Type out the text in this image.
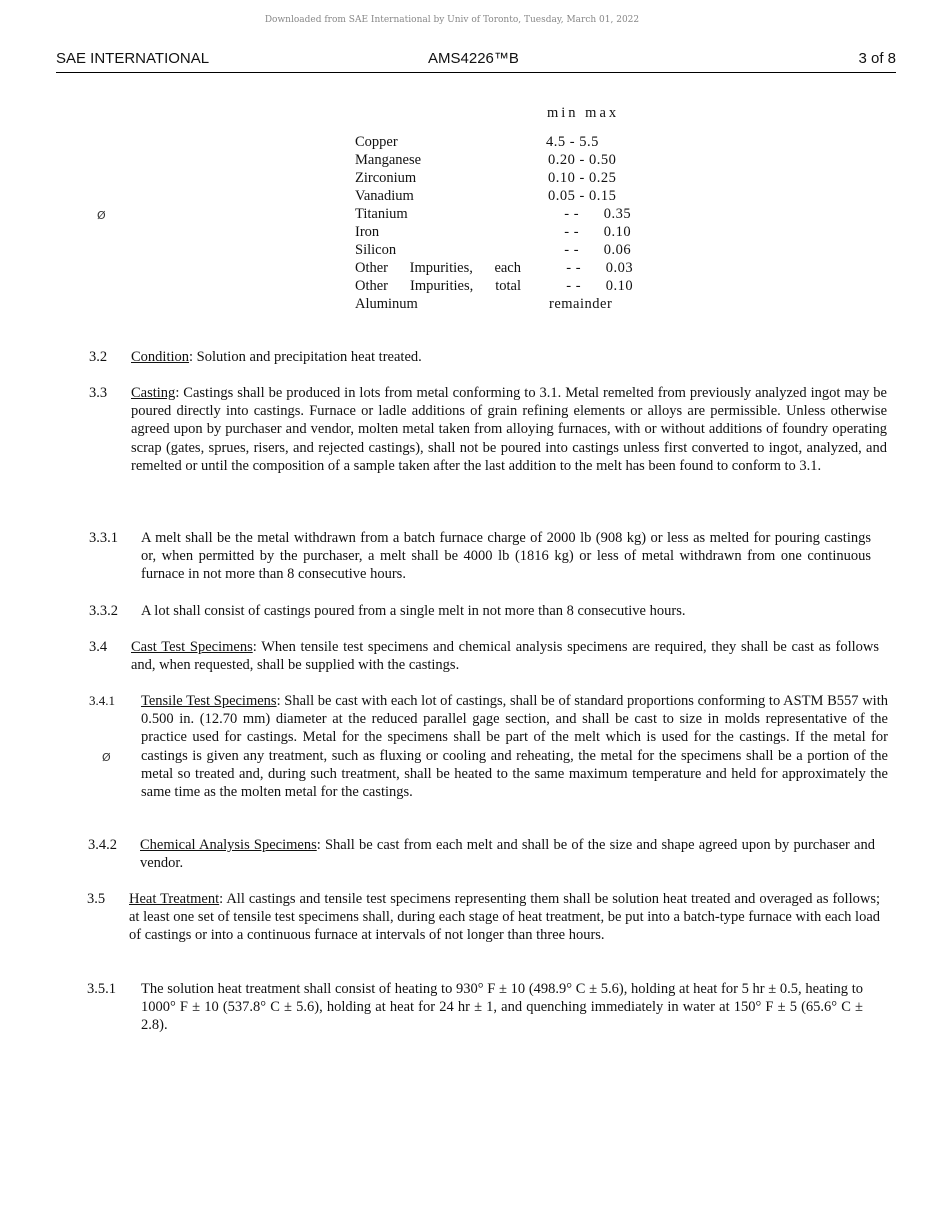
Downloaded from SAE International by Univ of Toronto, Tuesday, March 01, 2022
SAE INTERNATIONAL	AMS4226™B	3 of 8
min max
Copper	4.5 - 5.5
Manganese	0.20 - 0.50
Zirconium	0.10 - 0.25
Vanadium	0.05 - 0.15
Titanium	- -      0.35
Iron	- -      0.10
Silicon	- -      0.06
Other Impurities, each	- -      0.03
Other Impurities, total	- -      0.10
Aluminum	remainder
Ø
Ø
3.2 Condition: Solution and precipitation heat treated.
3.3 Casting: Castings shall be produced in lots from metal conforming to 3.1. Metal remelted from previously analyzed ingot may be poured directly into castings. Furnace or ladle additions of grain refining elements or alloys are permissible. Unless otherwise agreed upon by purchaser and vendor, molten metal taken from alloying furnaces, with or without additions of foundry operating scrap (gates, sprues, risers, and rejected castings), shall not be poured into castings unless first converted to ingot, analyzed, and remelted or until the composition of a sample taken after the last addition to the melt has been found to conform to 3.1.
3.3.1 A melt shall be the metal withdrawn from a batch furnace charge of 2000 lb (908 kg) or less as melted for pouring castings or, when permitted by the purchaser, a melt shall be 4000 lb (1816 kg) or less of metal withdrawn from one continuous furnace in not more than 8 consecutive hours.
3.3.2 A lot shall consist of castings poured from a single melt in not more than 8 consecutive hours.
3.4 Cast Test Specimens: When tensile test specimens and chemical analysis specimens are required, they shall be cast as follows and, when requested, shall be supplied with the castings.
3.4.1 Tensile Test Specimens: Shall be cast with each lot of castings, shall be of standard proportions conforming to ASTM B557 with 0.500 in. (12.70 mm) diameter at the reduced parallel gage section, and shall be cast to size in molds representative of the practice used for castings. Metal for the specimens shall be part of the melt which is used for the castings. If the metal for castings is given any treatment, such as fluxing or cooling and reheating, the metal for the specimens shall be a portion of the metal so treated and, during such treatment, shall be heated to the same maximum temperature and held for approximately the same time as the molten metal for the castings.
3.4.2 Chemical Analysis Specimens: Shall be cast from each melt and shall be of the size and shape agreed upon by purchaser and vendor.
3.5 Heat Treatment: All castings and tensile test specimens representing them shall be solution heat treated and overaged as follows; at least one set of tensile test specimens shall, during each stage of heat treatment, be put into a batch-type furnace with each load of castings or into a continuous furnace at intervals of not longer than three hours.
3.5.1 The solution heat treatment shall consist of heating to 930° F ± 10 (498.9° C ± 5.6), holding at heat for 5 hr ± 0.5, heating to 1000° F ± 10 (537.8° C ± 5.6), holding at heat for 24 hr ± 1, and quenching immediately in water at 150° F ± 5 (65.6° C ± 2.8).
